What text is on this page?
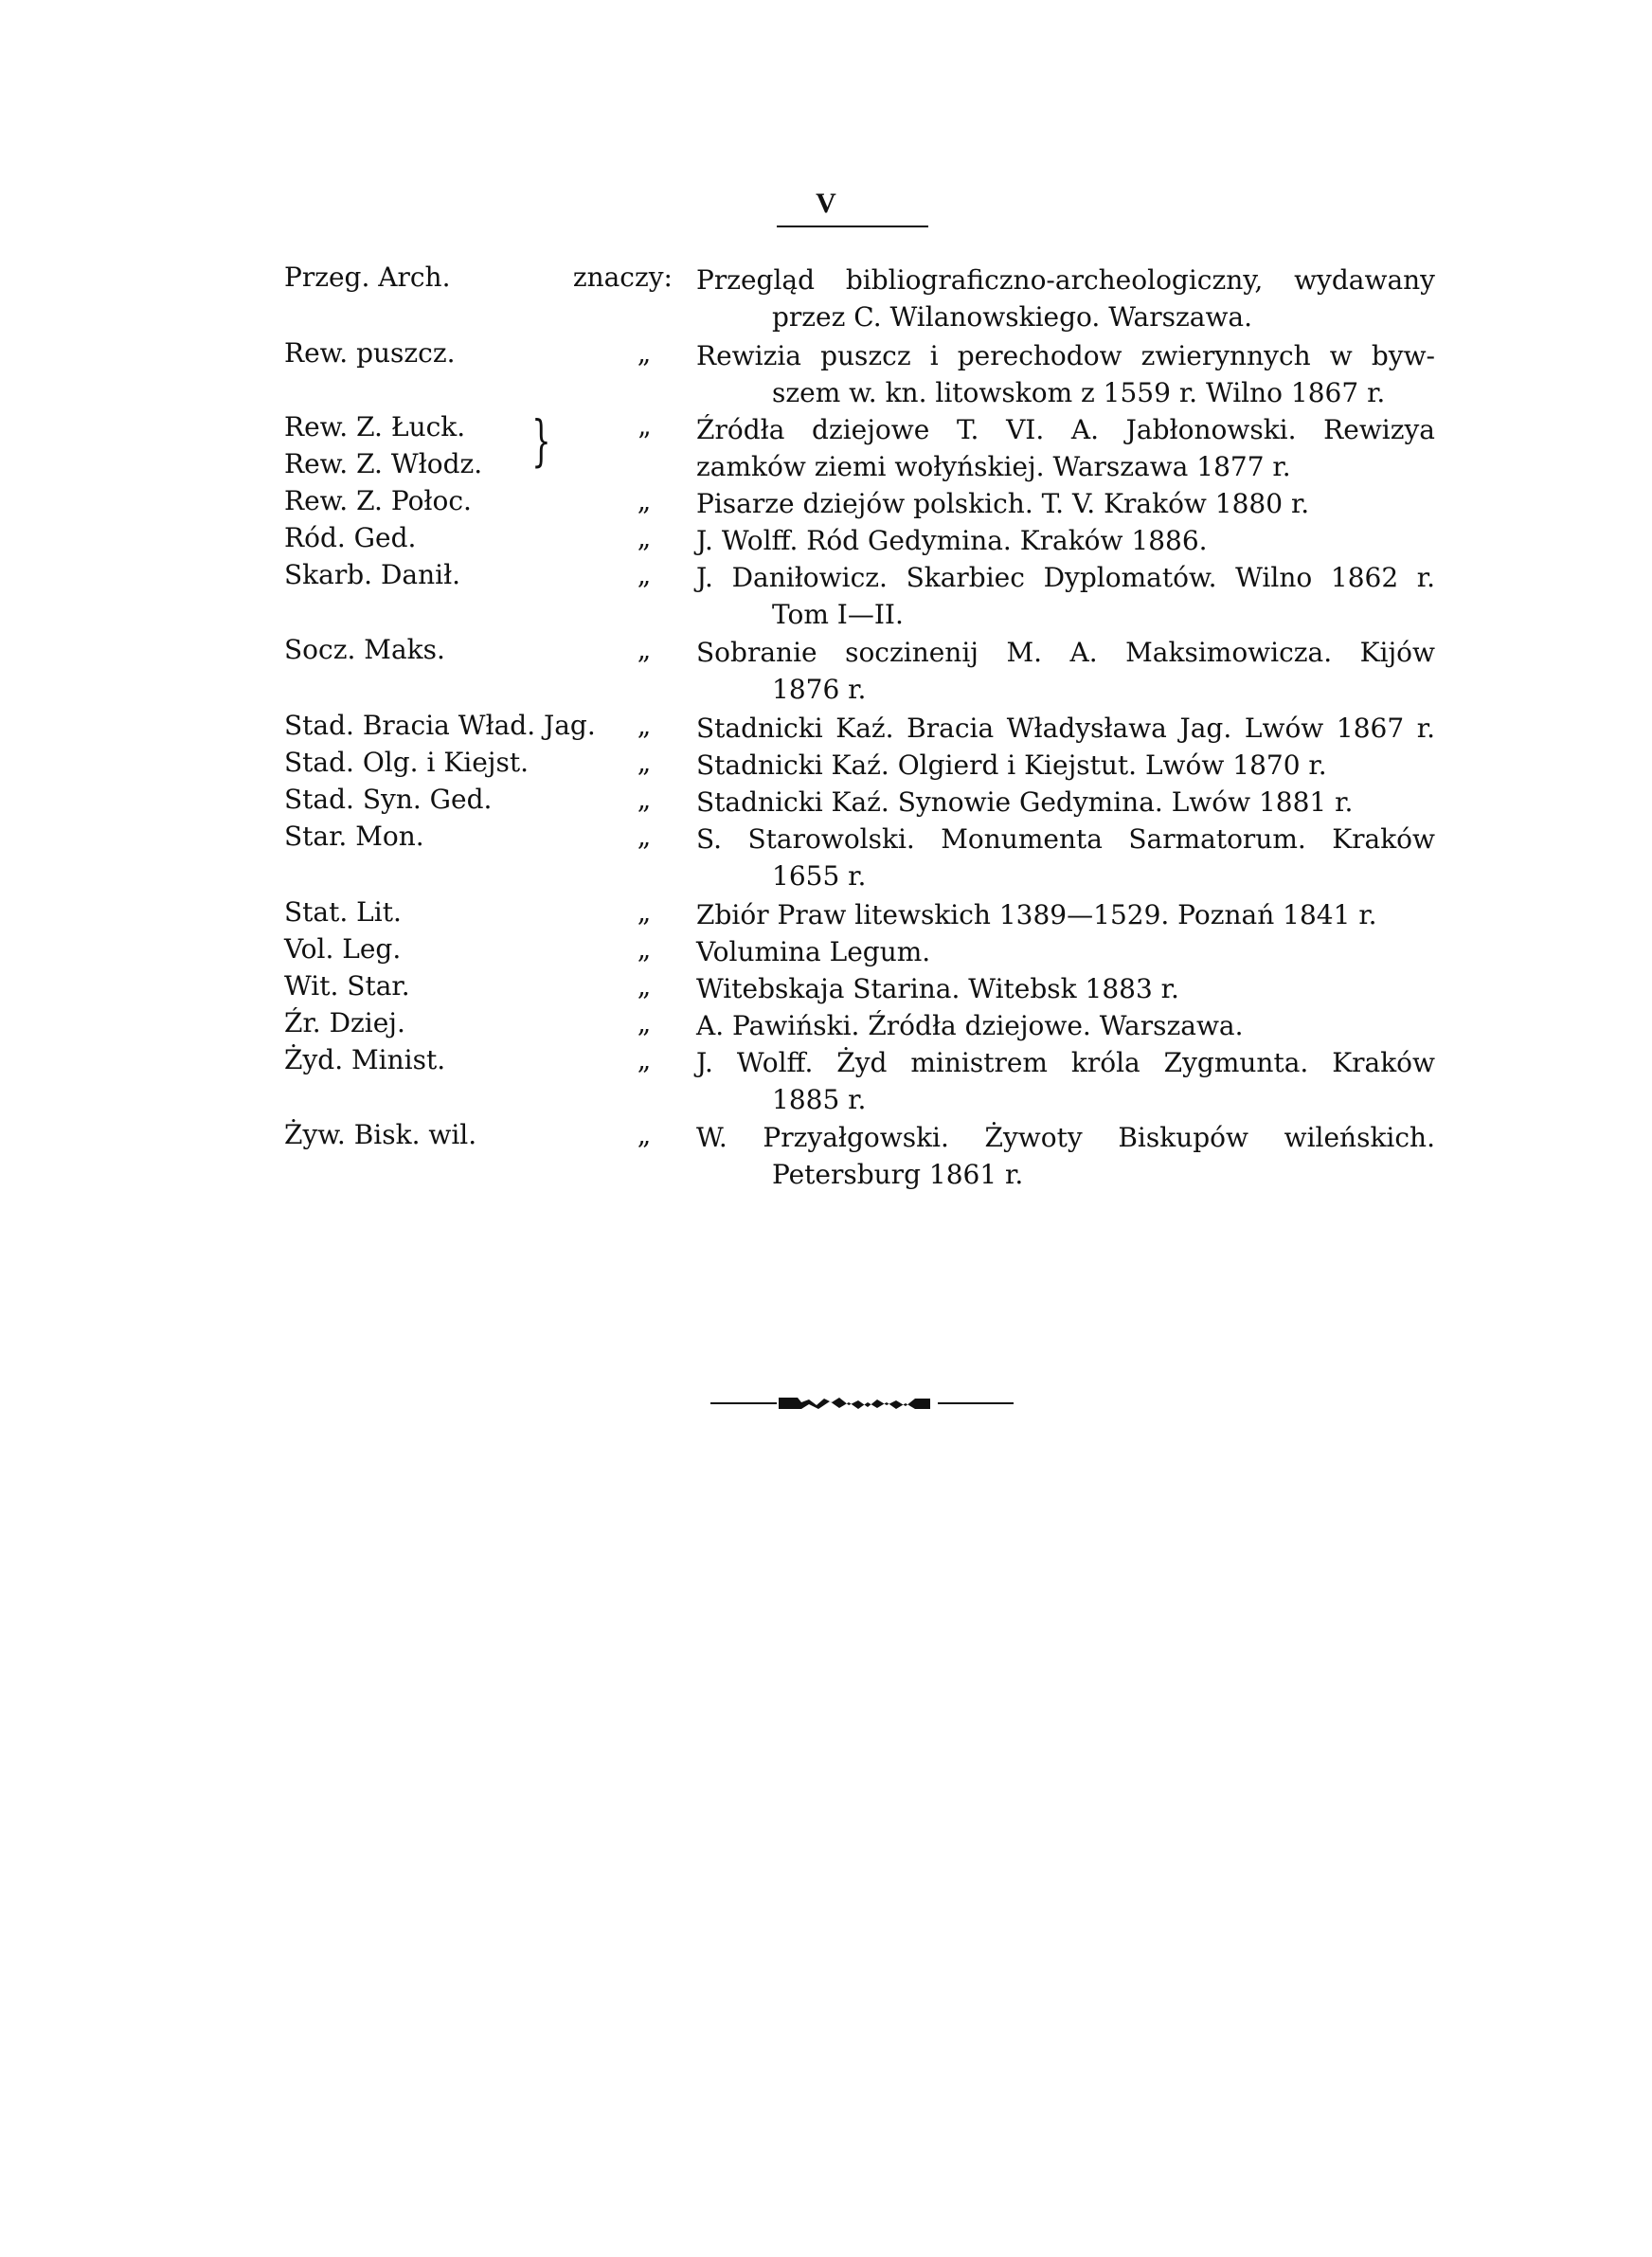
V
Przeg. Arch.	znaczy: Przegląd bibliograficzno-archeologiczny, wydawany
przez C. Wilanowskiego. Warszawa.
Rew. puszcz.	„	Rewizia puszcz i perechodow zwierynnych w byw-
szem w. kn. litowskom z 1559 r. Wilno 1867 r.
Rew. Z. Łuck.
Rew. Z. Włodz. }	”	Źródła dziejowe T. VI. A. Jabłonowski. Rewizya
zamków ziemi wołyńskiej. Warszawa 1877 r.
Rew. Z. Połoc.	„	Pisarze dziejów polskich. T. V. Kraków 1880 r.
Ród. Ged.	„	J. Wolff. Ród Gedymina. Kraków 1886.
Skarb. Danił.	„	J. Daniłowicz. Skarbiec Dyplomatów. Wilno 1862 r.
Tom I—II.
Socz. Maks.	„	Sobranie soczinenij M. A. Maksimowicza. Kijów
1876 r.
Stad. Bracia Wład. Jag.	„	Stadnicki Kaź. Bracia Władysława Jag. Lwów 1867 r.
Stad. Olg. i Kiejst.	„	Stadnicki Kaź. Olgierd i Kiejstut. Lwów 1870 r.
Stad. Syn. Ged.	„	Stadnicki Kaź. Synowie Gedymina. Lwów 1881 r.
Star. Mon.	„	S. Starowolski. Monumenta Sarmatorum. Kraków
1655 r.
Stat. Lit.	„	Zbiór Praw litewskich 1389—1529. Poznań 1841 r.
Vol. Leg.	„	Volumina Legum.
Wit. Star.	„	Witebskaja Starina. Witebsk 1883 r.
Źr. Dziej.	„	A. Pawiński. Źródła dziejowe. Warszawa.
Żyd. Minist.	„	J. Wolff. Żyd ministrem króla Zygmunta. Kraków
1885 r.
Żyw. Bisk. wil.	„	W. Przyałgowski. Żywoty Biskupów wileńskich.
Petersburg 1861 r.
